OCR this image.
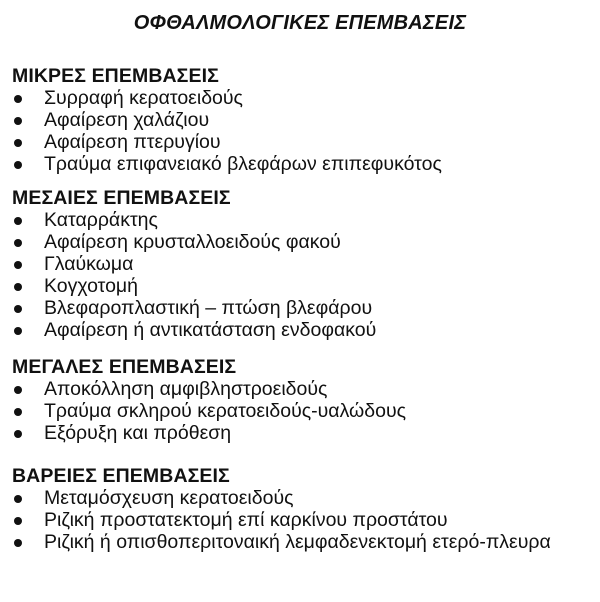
ΟΦΘΑΛΜΟΛΟΓΙΚΕΣ ΕΠΕΜΒΑΣΕΙΣ
ΜΙΚΡΕΣ ΕΠΕΜΒΑΣΕΙΣ
Συρραφή κερατοειδούς
Αφαίρεση χαλάζιου
Αφαίρεση πτερυγίου
Τραύμα επιφανειακό βλεφάρων επιπεφυκότος
ΜΕΣΑΙΕΣ ΕΠΕΜΒΑΣΕΙΣ
Καταρράκτης
Αφαίρεση κρυσταλλοειδούς φακού
Γλαύκωμα
Κογχοτομή
Βλεφαροπλαστική – πτώση βλεφάρου
Αφαίρεση ή αντικατάσταση ενδοφακού
ΜΕΓΑΛΕΣ ΕΠΕΜΒΑΣΕΙΣ
Αποκόλληση αμφιβληστροειδούς
Τραύμα σκληρού κερατοειδούς-υαλώδους
Εξόρυξη και πρόθεση
ΒΑΡΕΙΕΣ ΕΠΕΜΒΑΣΕΙΣ
Μεταμόσχευση κερατοειδούς
Ριζική προστατεκτομή επί καρκίνου προστάτου
Ριζική ή οπισθοπεριτοναική λεμφαδενεκτομή ετερό-πλευρα
